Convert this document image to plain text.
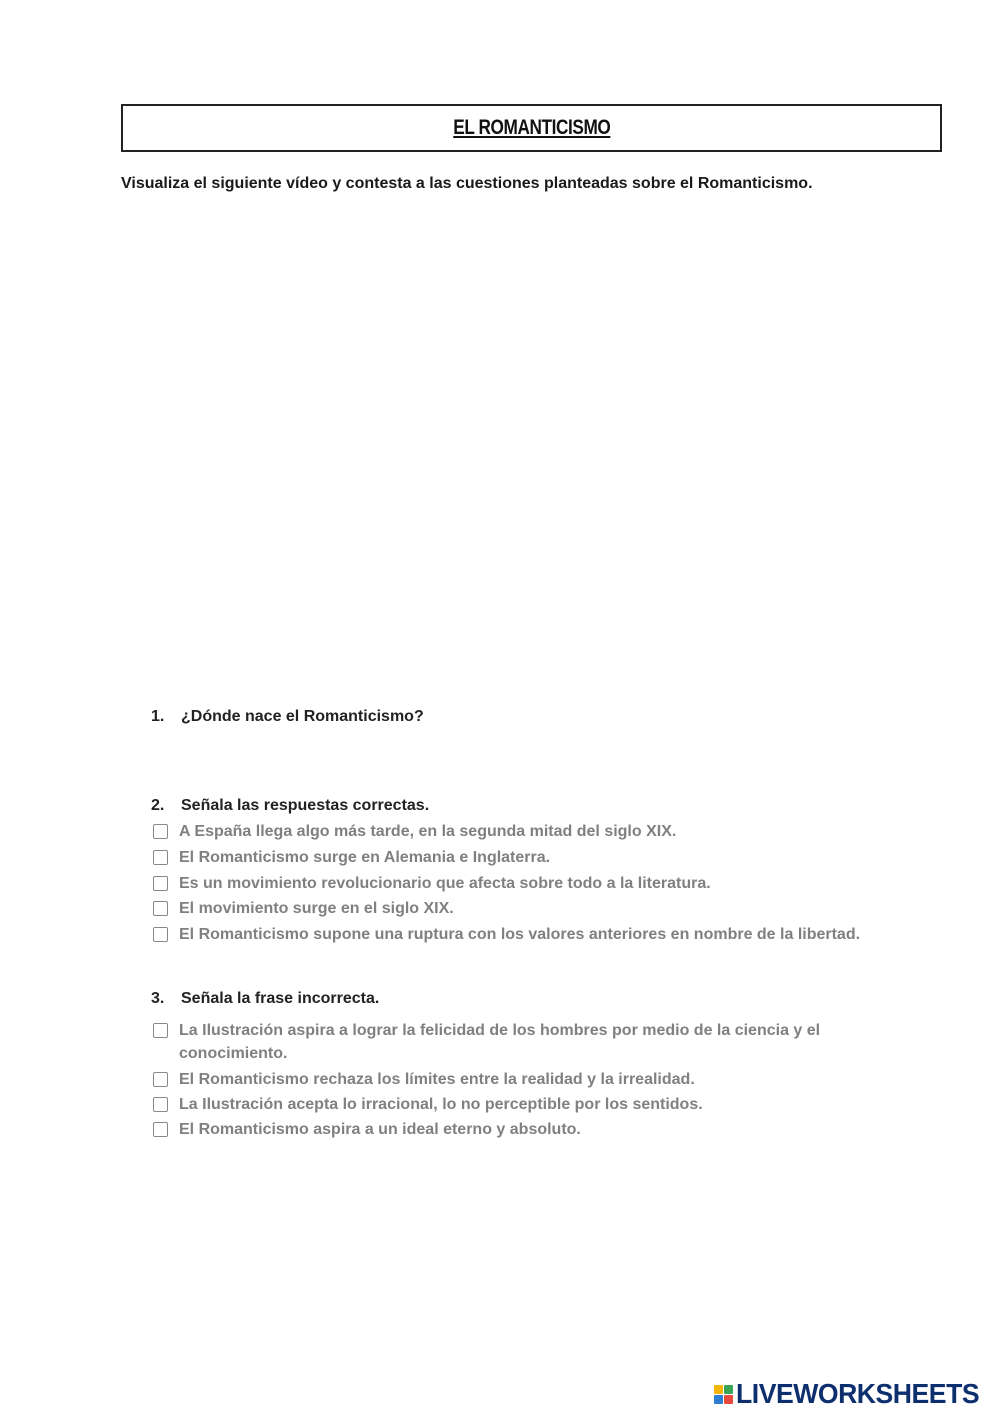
EL ROMANTICISMO
Visualiza el siguiente vídeo y contesta a las cuestiones planteadas sobre el Romanticismo.
1. ¿Dónde nace el Romanticismo?
2. Señala las respuestas correctas.
A España llega algo más tarde, en la segunda mitad del siglo XIX.
El Romanticismo surge en Alemania e Inglaterra.
Es un movimiento revolucionario que afecta sobre todo a la literatura.
El movimiento surge en el siglo XIX.
El Romanticismo supone una ruptura con los valores anteriores en nombre de la libertad.
3. Señala la frase incorrecta.
La Ilustración aspira a lograr la felicidad de los hombres por medio de la ciencia y el conocimiento.
El Romanticismo rechaza los límites entre la realidad y la irrealidad.
La Ilustración acepta lo irracional, lo no perceptible por los sentidos.
El Romanticismo aspira a un ideal eterno y absoluto.
LIVEWORKSHEETS
